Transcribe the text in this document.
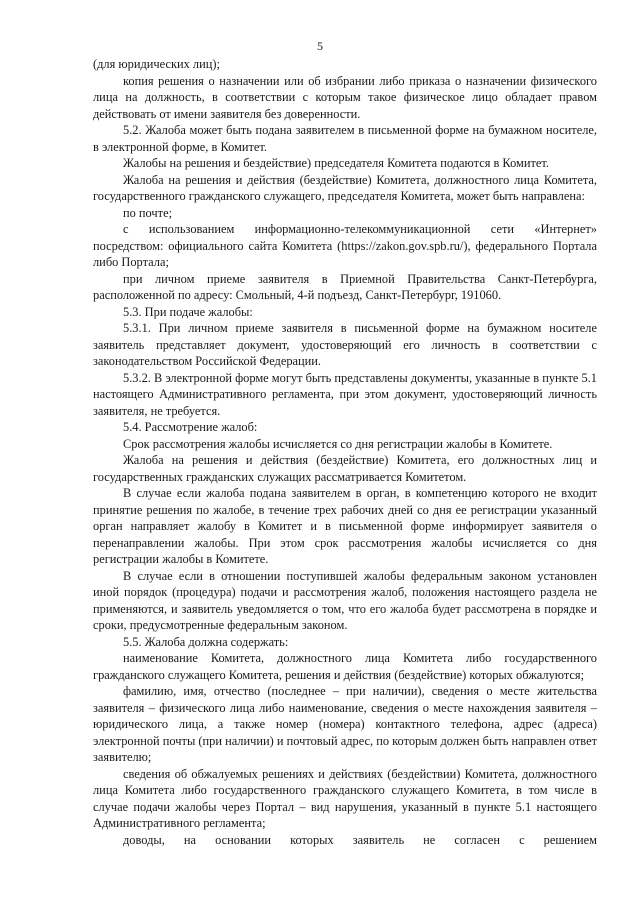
5

(для юридических лиц);

копия решения о назначении или об избрании либо приказа о назначении физического лица на должность, в соответствии с которым такое физическое лицо обладает правом действовать от имени заявителя без доверенности.

5.2. Жалоба может быть подана заявителем в письменной форме на бумажном носителе, в электронной форме, в Комитет.

Жалобы на решения и бездействие) председателя Комитета подаются в Комитет.

Жалоба на решения и действия (бездействие) Комитета, должностного лица Комитета, государственного гражданского служащего, председателя Комитета, может быть направлена:

по почте;

с использованием информационно-телекоммуникационной сети «Интернет» посредством: официального сайта Комитета (https://zakon.gov.spb.ru/), федерального Портала либо Портала;

при личном приеме заявителя в Приемной Правительства Санкт-Петербурга, расположенной по адресу: Смольный, 4-й подъезд, Санкт-Петербург, 191060.

5.3. При подаче жалобы:

5.3.1. При личном приеме заявителя в письменной форме на бумажном носителе заявитель представляет документ, удостоверяющий его личность в соответствии с законодательством Российской Федерации.

5.3.2. В электронной форме могут быть представлены документы, указанные в пункте 5.1 настоящего Административного регламента, при этом документ, удостоверяющий личность заявителя, не требуется.

5.4. Рассмотрение жалоб:

Срок рассмотрения жалобы исчисляется со дня регистрации жалобы в Комитете.

Жалоба на решения и действия (бездействие) Комитета, его должностных лиц и государственных гражданских служащих рассматривается Комитетом.

В случае если жалоба подана заявителем в орган, в компетенцию которого не входит принятие решения по жалобе, в течение трех рабочих дней со дня ее регистрации указанный орган направляет жалобу в Комитет и в письменной форме информирует заявителя о перенаправлении жалобы. При этом срок рассмотрения жалобы исчисляется со дня регистрации жалобы в Комитете.

В случае если в отношении поступившей жалобы федеральным законом установлен иной порядок (процедура) подачи и рассмотрения жалоб, положения настоящего раздела не применяются, и заявитель уведомляется о том, что его жалоба будет рассмотрена в порядке и сроки, предусмотренные федеральным законом.

5.5. Жалоба должна содержать:

наименование Комитета, должностного лица Комитета либо государственного гражданского служащего Комитета, решения и действия (бездействие) которых обжалуются;

фамилию, имя, отчество (последнее – при наличии), сведения о месте жительства заявителя – физического лица либо наименование, сведения о месте нахождения заявителя – юридического лица, а также номер (номера) контактного телефона, адрес (адреса) электронной почты (при наличии) и почтовый адрес, по которым должен быть направлен ответ заявителю;

сведения об обжалуемых решениях и действиях (бездействии) Комитета, должностного лица Комитета либо государственного гражданского служащего Комитета, в том числе в случае подачи жалобы через Портал – вид нарушения, указанный в пункте 5.1 настоящего Административного регламента;

доводы, на основании которых заявитель не согласен с решением
